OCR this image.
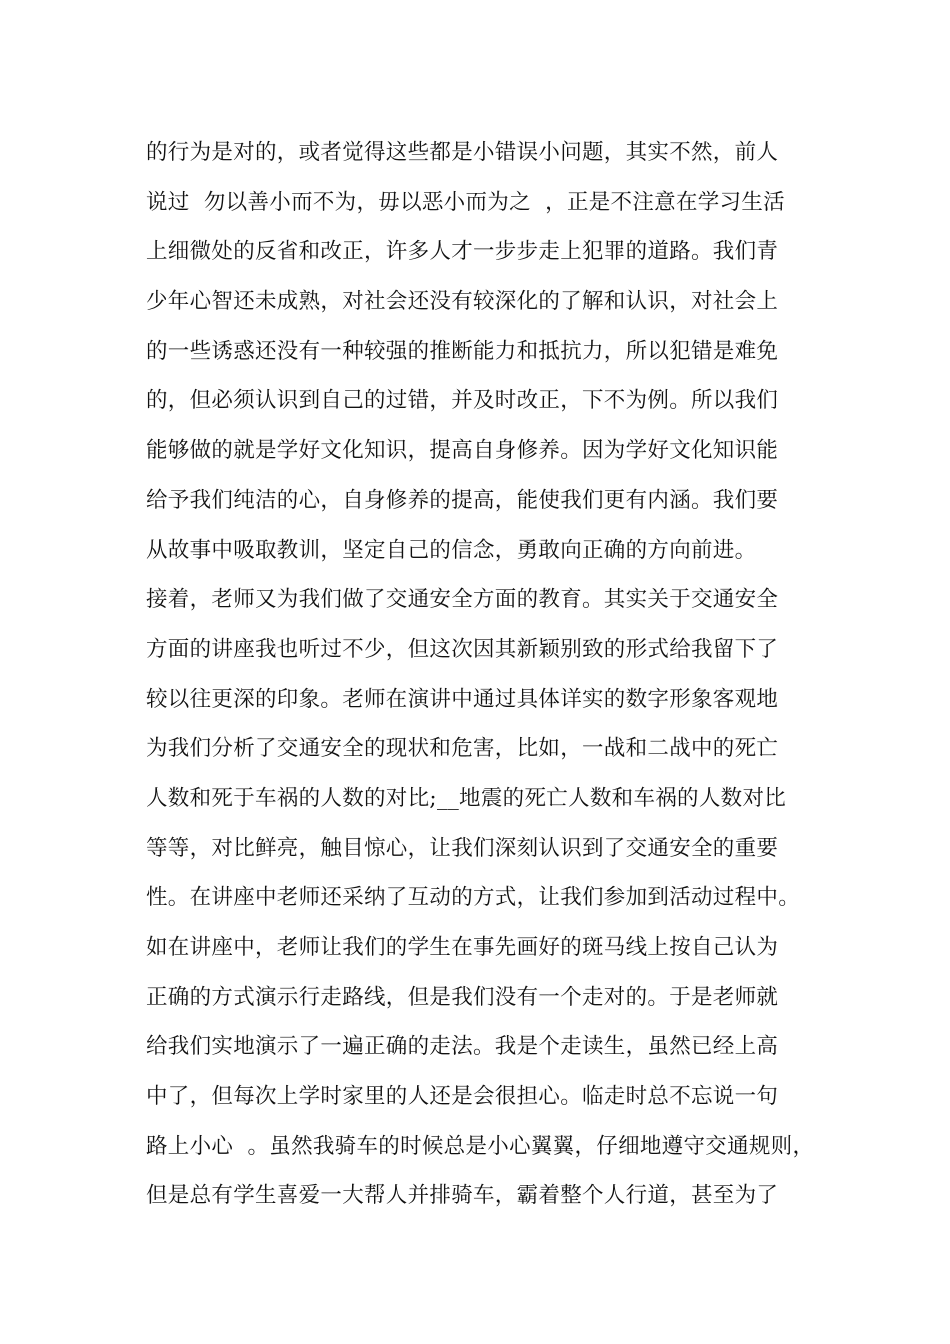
的行为是对的，或者觉得这些都是小错误小问题，其实不然，前人
说过  勿以善小而不为，毋以恶小而为之  ，正是不注意在学习生活
上细微处的反省和改正，许多人才一步步走上犯罪的道路。我们青
少年心智还未成熟，对社会还没有较深化的了解和认识，对社会上
的一些诱惑还没有一种较强的推断能力和抵抗力，所以犯错是难免
的，但必须认识到自己的过错，并及时改正，下不为例。所以我们
能够做的就是学好文化知识，提高自身修养。因为学好文化知识能
给予我们纯洁的心，自身修养的提高，能使我们更有内涵。我们要
从故事中吸取教训，坚定自己的信念，勇敢向正确的方向前进。
接着，老师又为我们做了交通安全方面的教育。其实关于交通安全
方面的讲座我也听过不少，但这次因其新颖别致的形式给我留下了
较以往更深的印象。老师在演讲中通过具体详实的数字形象客观地
为我们分析了交通安全的现状和危害，比如，一战和二战中的死亡
人数和死于车祸的人数的对比;__地震的死亡人数和车祸的人数对比
等等，对比鲜亮，触目惊心，让我们深刻认识到了交通安全的重要
性。在讲座中老师还采纳了互动的方式，让我们参加到活动过程中。
如在讲座中，老师让我们的学生在事先画好的斑马线上按自己认为
正确的方式演示行走路线，但是我们没有一个走对的。于是老师就
给我们实地演示了一遍正确的走法。我是个走读生，虽然已经上高
中了，但每次上学时家里的人还是会很担心。临走时总不忘说一句
路上小心  。虽然我骑车的时候总是小心翼翼，仔细地遵守交通规则，
但是总有学生喜爱一大帮人并排骑车，霸着整个人行道，甚至为了
